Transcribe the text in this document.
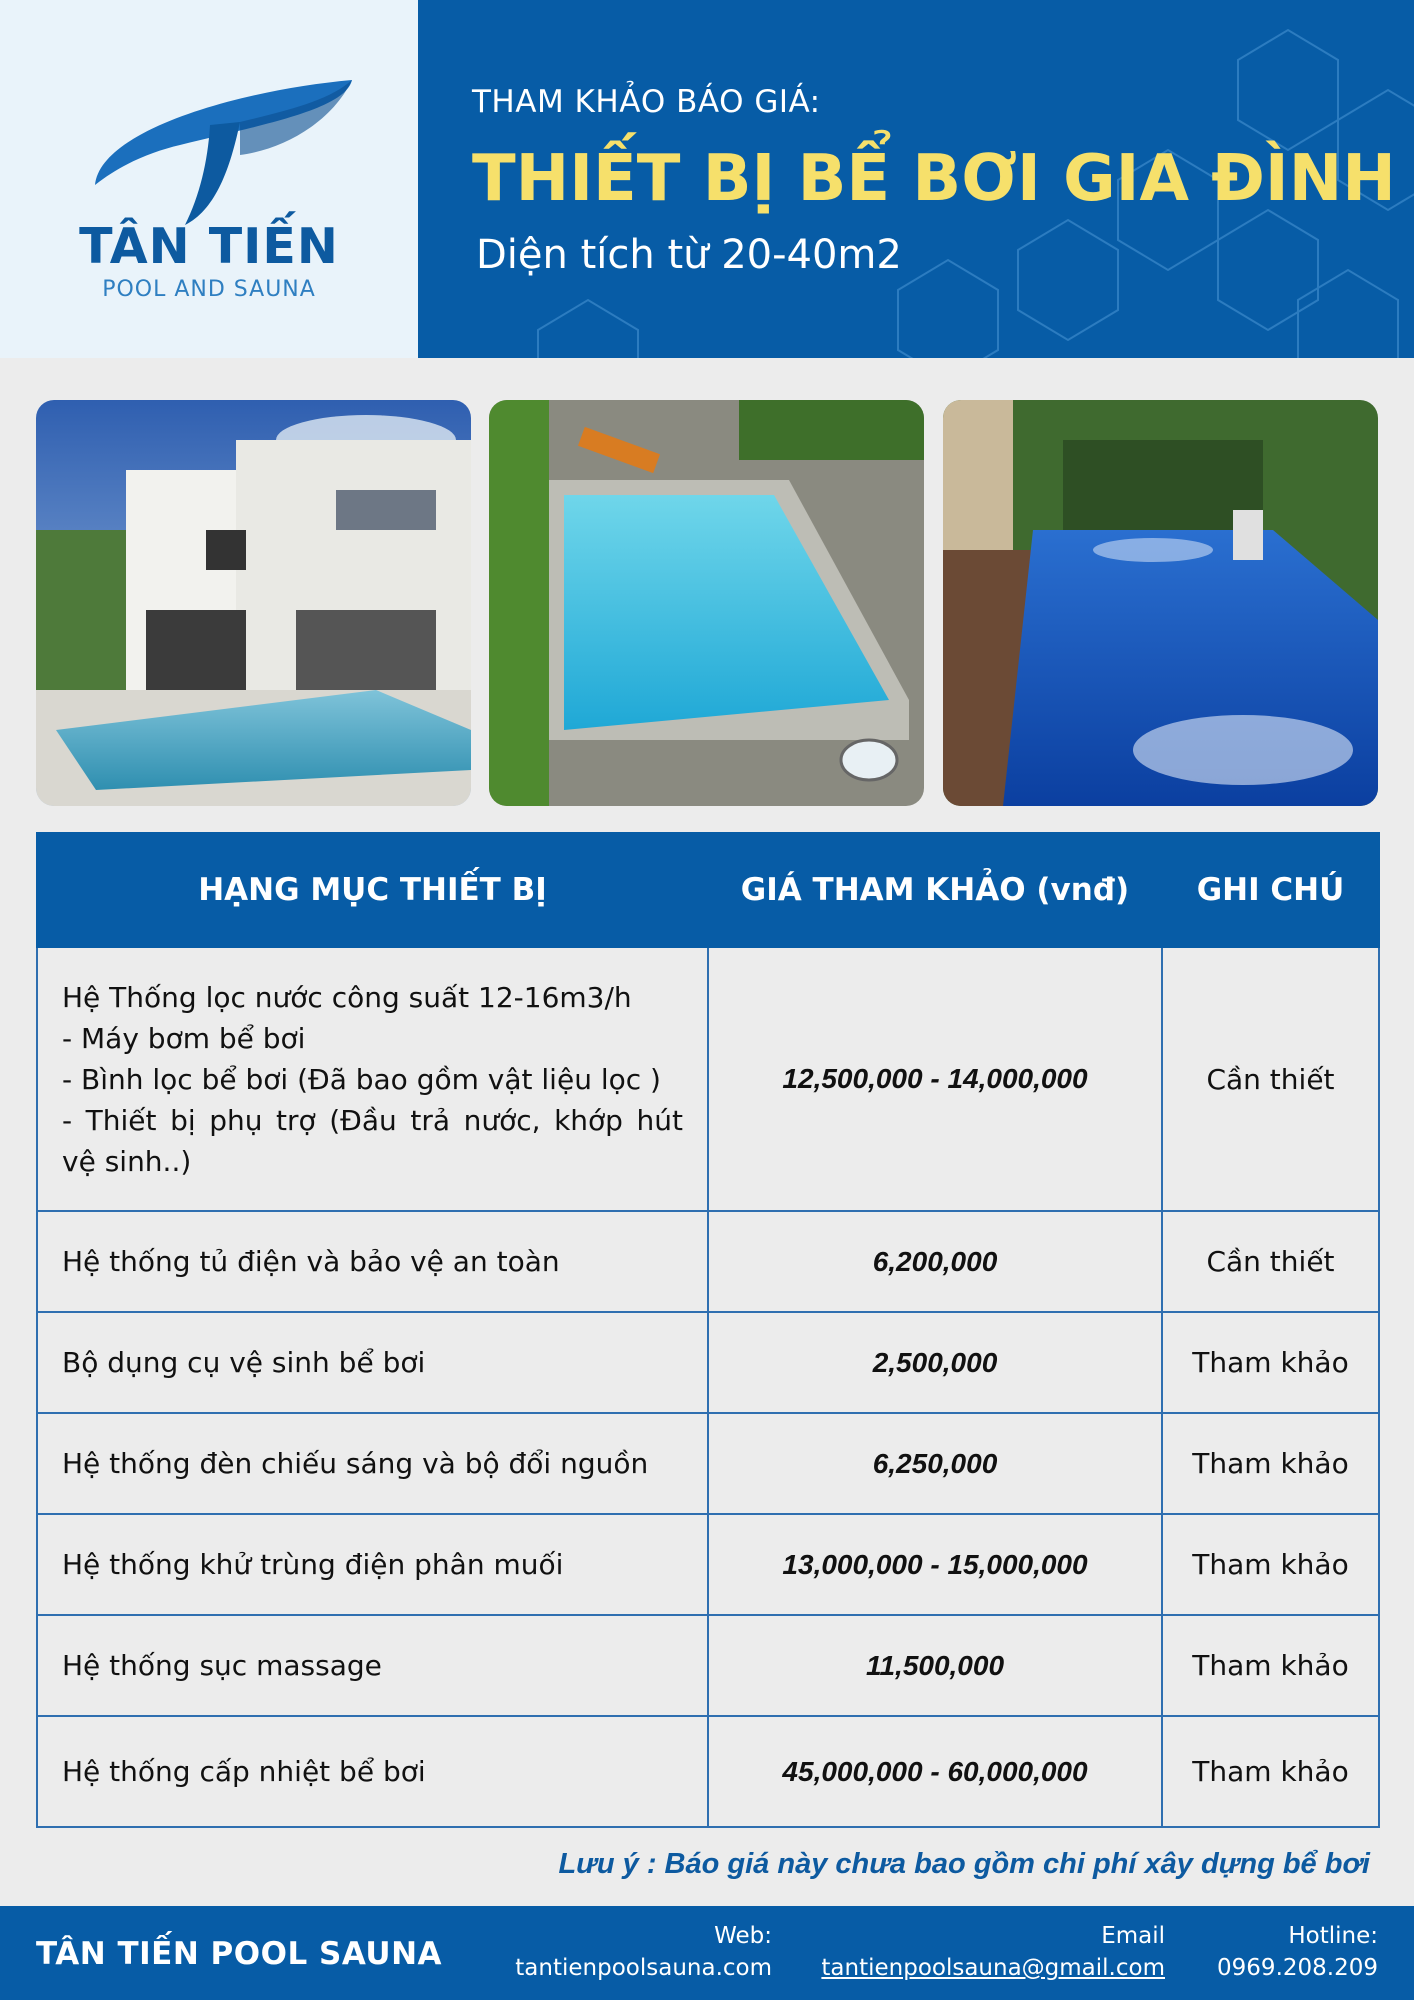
TÂN TIẾN
POOL AND SAUNA
THAM KHẢO BÁO GIÁ:
THIẾT BỊ BỂ BƠI GIA ĐÌNH
Diện tích từ 20-40m2
HẠNG MỤC THIẾT BỊ	GIÁ THAM KHẢO (vnđ)	GHI CHÚ

Hệ Thống lọc nước công suất 12-16m3/h
- Máy bơm bể bơi
- Bình lọc bể bơi (Đã bao gồm vật liệu lọc )
- Thiết bị phụ trợ (Đầu trả nước, khớp hút
vệ sinh..)	12,500,000 - 14,000,000	Cần thiết
Hệ thống tủ điện và bảo vệ an toàn	6,200,000	Cần thiết
Bộ dụng cụ vệ sinh bể bơi	2,500,000	Tham khảo
Hệ thống đèn chiếu sáng và bộ đổi nguồn	6,250,000	Tham khảo
Hệ thống khử trùng điện phân muối	13,000,000 - 15,000,000	Tham khảo
Hệ thống sục massage	11,500,000	Tham khảo
Hệ thống cấp nhiệt bể bơi	45,000,000 - 60,000,000	Tham khảo
Lưu ý : Báo giá này chưa bao gồm chi phí xây dựng bể bơi
TÂN TIẾN POOL SAUNA	Web:
tantienpoolsauna.com
Email
tantienpoolsauna@gmail.com
Hotline:
0969.208.209
